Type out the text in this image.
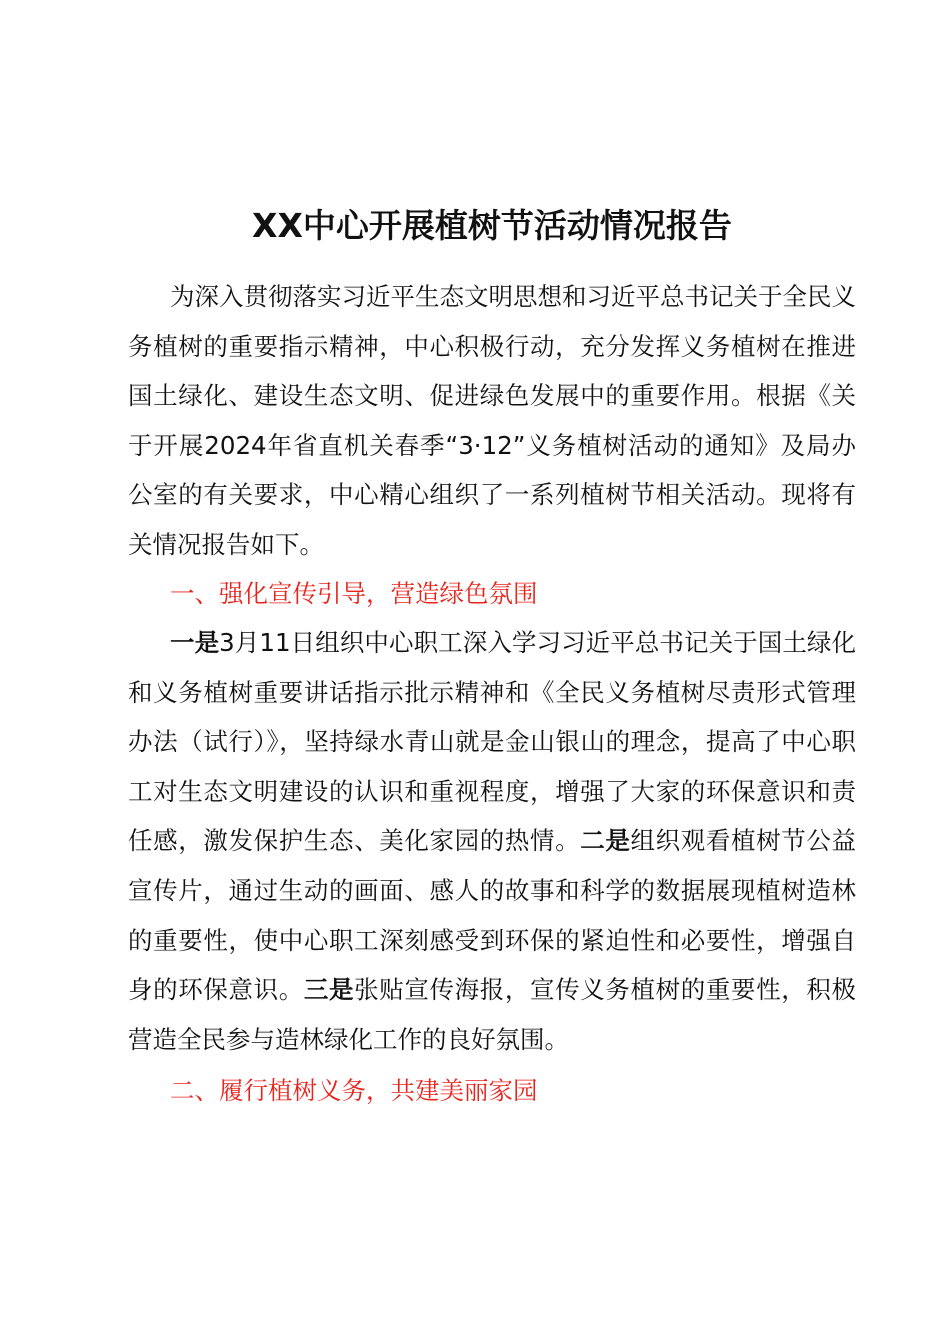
XX中心开展植树节活动情况报告

为深入贯彻落实习近平生态文明思想和习近平总书记关于全民义务植树的重要指示精神，中心积极行动，充分发挥义务植树在推进国土绿化、建设生态文明、促进绿色发展中的重要作用。根据《关于开展2024年省直机关春季“3·12”义务植树活动的通知》及局办公室的有关要求，中心精心组织了一系列植树节相关活动。现将有关情况报告如下。

一、强化宣传引导，营造绿色氛围

一是3月11日组织中心职工深入学习习近平总书记关于国土绿化和义务植树重要讲话指示批示精神和《全民义务植树尽责形式管理办法（试行）》，坚持绿水青山就是金山银山的理念，提高了中心职工对生态文明建设的认识和重视程度，增强了大家的环保意识和责任感，激发保护生态、美化家园的热情。二是组织观看植树节公益宣传片，通过生动的画面、感人的故事和科学的数据展现植树造林的重要性，使中心职工深刻感受到环保的紧迫性和必要性，增强自身的环保意识。三是张贴宣传海报，宣传义务植树的重要性，积极营造全民参与造林绿化工作的良好氛围。

二、履行植树义务，共建美丽家园
